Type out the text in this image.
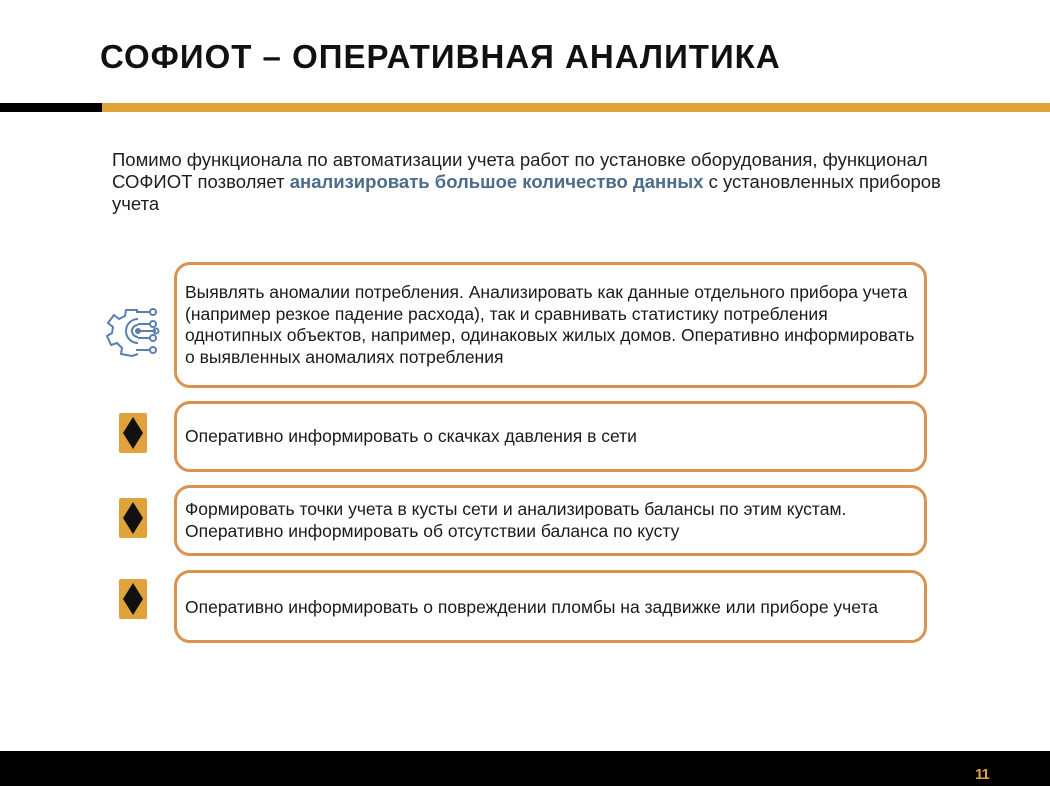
СОФИОТ – ОПЕРАТИВНАЯ АНАЛИТИКА
Помимо функционала по автоматизации учета работ по установке оборудования, функционал СОФИОТ позволяет анализировать большое количество данных с установленных приборов учета
Выявлять аномалии потребления. Анализировать как данные отдельного прибора учета (например резкое падение расхода), так и сравнивать статистику потребления однотипных объектов, например, одинаковых жилых домов. Оперативно информировать о выявленных аномалиях потребления
Оперативно информировать о скачках давления в сети
Формировать точки учета в кусты сети и анализировать балансы по этим кустам. Оперативно информировать об отсутствии баланса по кусту
Оперативно информировать о повреждении пломбы на задвижке или приборе учета
11
